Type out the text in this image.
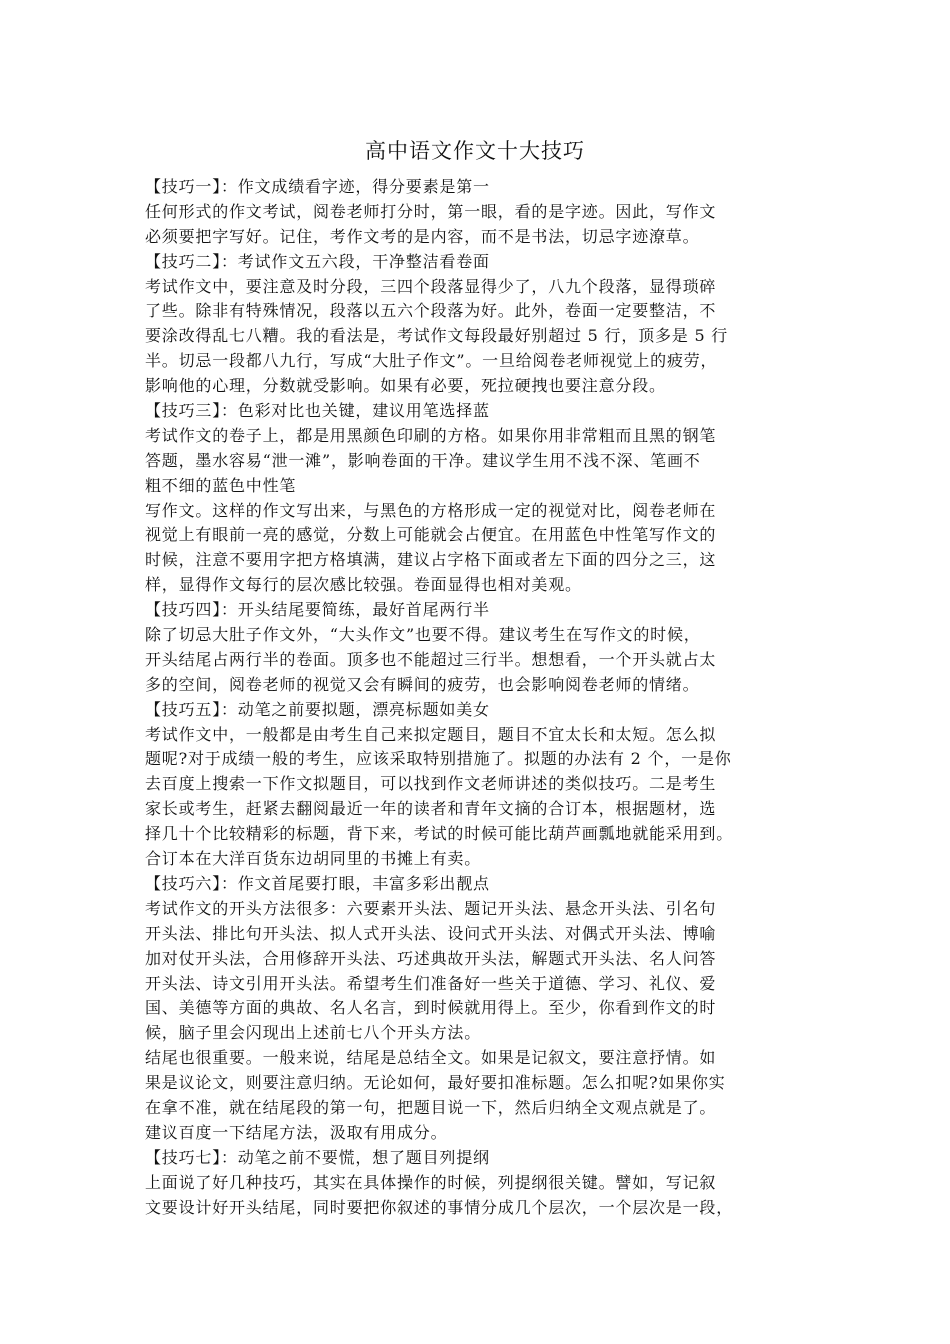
高中语文作文十大技巧
【技巧一】：作文成绩看字迹，得分要素是第一
任何形式的作文考试，阅卷老师打分时，第一眼，看的是字迹。因此，写作文
必须要把字写好。记住，考作文考的是内容，而不是书法，切忌字迹潦草。
【技巧二】：考试作文五六段，干净整洁看卷面
考试作文中，要注意及时分段，三四个段落显得少了，八九个段落，显得琐碎
了些。除非有特殊情况，段落以五六个段落为好。此外，卷面一定要整洁，不
要涂改得乱七八糟。我的看法是，考试作文每段最好别超过 5 行，顶多是 5 行
半。切忌一段都八九行，写成“大肚子作文”。一旦给阅卷老师视觉上的疲劳，
影响他的心理，分数就受影响。如果有必要，死拉硬拽也要注意分段。
【技巧三】：色彩对比也关键，建议用笔选择蓝
考试作文的卷子上，都是用黑颜色印刷的方格。如果你用非常粗而且黑的钢笔
答题，墨水容易“泄一滩”，影响卷面的干净。建议学生用不浅不深、笔画不
粗不细的蓝色中性笔
写作文。这样的作文写出来，与黑色的方格形成一定的视觉对比，阅卷老师在
视觉上有眼前一亮的感觉，分数上可能就会占便宜。在用蓝色中性笔写作文的
时候，注意不要用字把方格填满，建议占字格下面或者左下面的四分之三，这
样，显得作文每行的层次感比较强。卷面显得也相对美观。
【技巧四】：开头结尾要简练，最好首尾两行半
除了切忌大肚子作文外，“大头作文”也要不得。建议考生在写作文的时候，
开头结尾占两行半的卷面。顶多也不能超过三行半。想想看，一个开头就占太
多的空间，阅卷老师的视觉又会有瞬间的疲劳，也会影响阅卷老师的情绪。
【技巧五】：动笔之前要拟题，漂亮标题如美女
考试作文中，一般都是由考生自己来拟定题目，题目不宜太长和太短。怎么拟
题呢?对于成绩一般的考生，应该采取特别措施了。拟题的办法有 2 个，一是你
去百度上搜索一下作文拟题目，可以找到作文老师讲述的类似技巧。二是考生
家长或考生，赶紧去翻阅最近一年的读者和青年文摘的合订本，根据题材，选
择几十个比较精彩的标题，背下来，考试的时候可能比葫芦画瓢地就能采用到。
合订本在大洋百货东边胡同里的书摊上有卖。
【技巧六】：作文首尾要打眼，丰富多彩出靓点
考试作文的开头方法很多：六要素开头法、题记开头法、悬念开头法、引名句
开头法、排比句开头法、拟人式开头法、设问式开头法、对偶式开头法、博喻
加对仗开头法，合用修辞开头法、巧述典故开头法，解题式开头法、名人问答
开头法、诗文引用开头法。希望考生们准备好一些关于道德、学习、礼仪、爱
国、美德等方面的典故、名人名言，到时候就用得上。至少，你看到作文的时
候，脑子里会闪现出上述前七八个开头方法。
结尾也很重要。一般来说，结尾是总结全文。如果是记叙文，要注意抒情。如
果是议论文，则要注意归纳。无论如何，最好要扣准标题。怎么扣呢?如果你实
在拿不准，就在结尾段的第一句，把题目说一下，然后归纳全文观点就是了。
建议百度一下结尾方法，汲取有用成分。
【技巧七】：动笔之前不要慌，想了题目列提纲
上面说了好几种技巧，其实在具体操作的时候，列提纲很关键。譬如，写记叙
文要设计好开头结尾，同时要把你叙述的事情分成几个层次，一个层次是一段，
